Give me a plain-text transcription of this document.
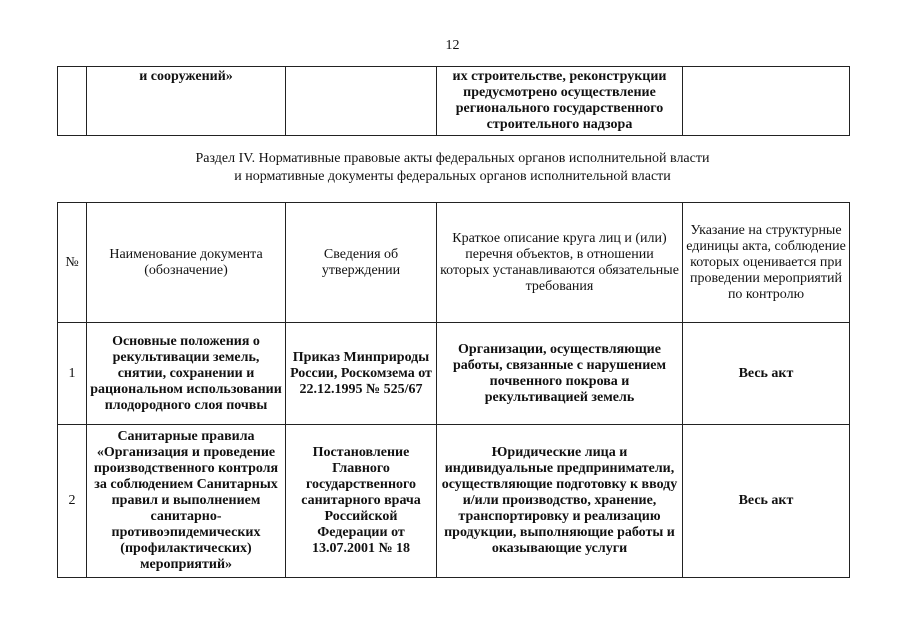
12
	и сооружений»		их строительстве, реконструкции предусмотрено осуществление регионального государственного строительного надзора	
Раздел IV. Нормативные правовые акты федеральных органов исполнительной власти
и нормативные документы федеральных органов исполнительной власти
№	Наименование документа (обозначение)	Сведения об утверждении	Краткое описание круга лиц и (или) перечня объектов, в отношении которых устанавливаются обязательные требования	Указание на структурные единицы акта, соблюдение которых оценивается при проведении мероприятий по контролю
1	Основные положения о рекультивации земель, снятии, сохранении и рациональном использовании плодородного слоя почвы	Приказ Минприроды России, Роскомзема от 22.12.1995 № 525/67	Организации, осуществляющие работы, связанные с нарушением почвенного покрова и рекультивацией земель	Весь акт
2	Санитарные правила «Организация и проведение производственного контроля за соблюдением Санитарных правил и выполнением санитарно-противоэпидемических (профилактических) мероприятий»	Постановление Главного государственного санитарного врача Российской Федерации от 13.07.2001 № 18	Юридические лица и индивидуальные предприниматели, осуществляющие подготовку к вводу и/или производство, хранение, транспортировку и реализацию продукции, выполняющие работы и оказывающие услуги	Весь акт
